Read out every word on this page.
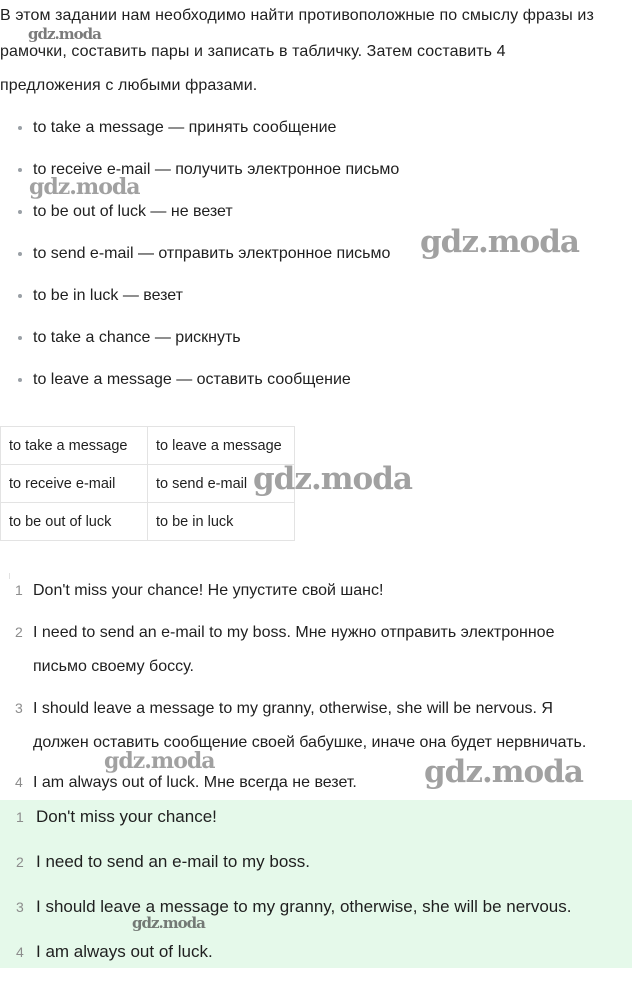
В этом задании нам необходимо найти противоположные по смыслу фразы из
рамочки, составить пары и записать в табличку. Затем составить 4
предложения с любыми фразами.
to take a message — принять сообщение
to receive e-mail — получить электронное письмо
to be out of luck — не везет
to send e-mail — отправить электронное письмо
to be in luck — везет
to take a chance — рискнуть
to leave a message — оставить сообщение
to take a message	to leave a message
to receive e-mail	to send e-mail
to be out of luck	to be in luck
1 Don't miss your chance! Не упустите свой шанс!
2 I need to send an e-mail to my boss. Мне нужно отправить электронное
письмо своему боссу.
3 I should leave a message to my granny, otherwise, she will be nervous. Я
должен оставить сообщение своей бабушке, иначе она будет нервничать.
4 I am always out of luck. Мне всегда не везет.
1 Don't miss your chance!
2 I need to send an e-mail to my boss.
3 I should leave a message to my granny, otherwise, she will be nervous.
4 I am always out of luck.
gdz.moda
gdz.moda
gdz.moda
gdz.moda
gdz.moda	gdz.moda
gdz.moda
